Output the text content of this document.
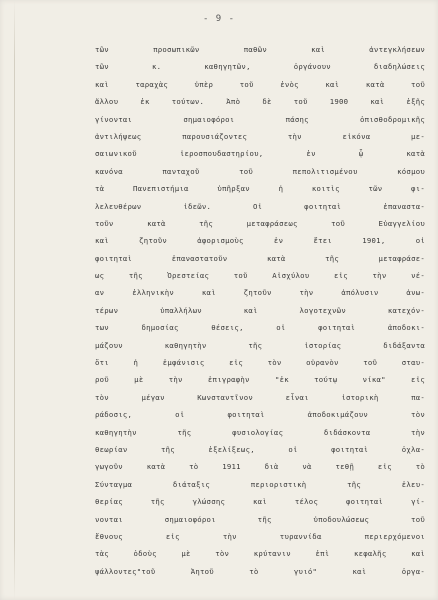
- 9 -
τῶν προσωπικῶν παθῶν καὶ ἀντεγκλήσεων
τῶν κ. καθηγητῶν, ὀργάνουν διαδηλώσεις
καὶ ταραχὰς ὑπὲρ τοῦ ἑνὸς καὶ κατὰ τοῦ
ἄλλου ἐκ τούτων. Ἀπὸ δὲ τοῦ 1900 καὶ ἑξῆς
γίνονται σημαιοφόροι πάσης ὀπισθοδρομικῆς
ἀντιλήψεως παρουσιάζοντες τὴν εἰκόνα με-
σαιωνικοῦ ἱεροσπουδαστηρίου, ἐν ᾧ κατὰ
κανόνα πανταχοῦ τοῦ πεπολιτισμένου κόσμου
τὰ Πανεπιστήμια ὑπῆρξαν ἡ κοιτὶς τῶν φι-
λελευθέρων ἰδεῶν. Οἱ φοιτηταὶ ἐπαναστα-
τοῦν κατὰ τῆς μεταφράσεως τοῦ Εὐαγγελίου
καὶ ζητοῦν ἀφορισμοὺς ἐν ἔτει 1901, οἱ
φοιτηταὶ ἐπαναστατοῦν κατὰ τῆς μεταφράσε-
ως τῆς Ὀρεστείας τοῦ Αἰσχύλου εἰς τὴν νέ-
αν ἑλληνικὴν καὶ ζητοῦν τὴν ἀπόλυσιν ἀνω-
τέρων ὑπαλλήλων καὶ λογοτεχνῶν κατεχόν-
των δημοσίας θέσεις, οἱ φοιτηταὶ ἀποδοκι-
μάζουν καθηγητὴν τῆς ἱστορίας διδάξαντα
ὅτι ἡ ἐμφάνισις εἰς τὸν οὐρανὸν τοῦ σταυ-
ροῦ μὲ τὴν ἐπιγραφὴν "ἐκ τούτῳ νίκα" εἰς
τὸν μέγαν Κωνσταντῖνον εἶναι ἱστορικὴ πα-
ράδοσις, οἱ φοιτηταὶ ἀποδοκιμάζουν τὸν
καθηγητὴν τῆς φυσιολογίας διδάσκοντα τὴν
θεωρίαν τῆς ἐξελίξεως, οἱ φοιτηταὶ ὀχλα-
γωγοῦν κατὰ τὸ 1911 διὰ νὰ τεθῇ εἰς τὸ
Σύνταγμα διάταξις περιοριστικὴ τῆς ἐλευ-
θερίας τῆς γλώσσης καὶ τέλος φοιτηταὶ γί-
νονται σημαιοφόροι τῆς ὑποδουλώσεως τοῦ
ἔθνους εἰς τὴν τυραννίδα περιερχόμενοι
τὰς ὁδοὺς μὲ τὸν κρύτανιν ἐπὶ κεφαλῆς καὶ
ψάλλοντες"τοῦ Ἀητοῦ τὸ γυιό" καὶ ὀργα-
